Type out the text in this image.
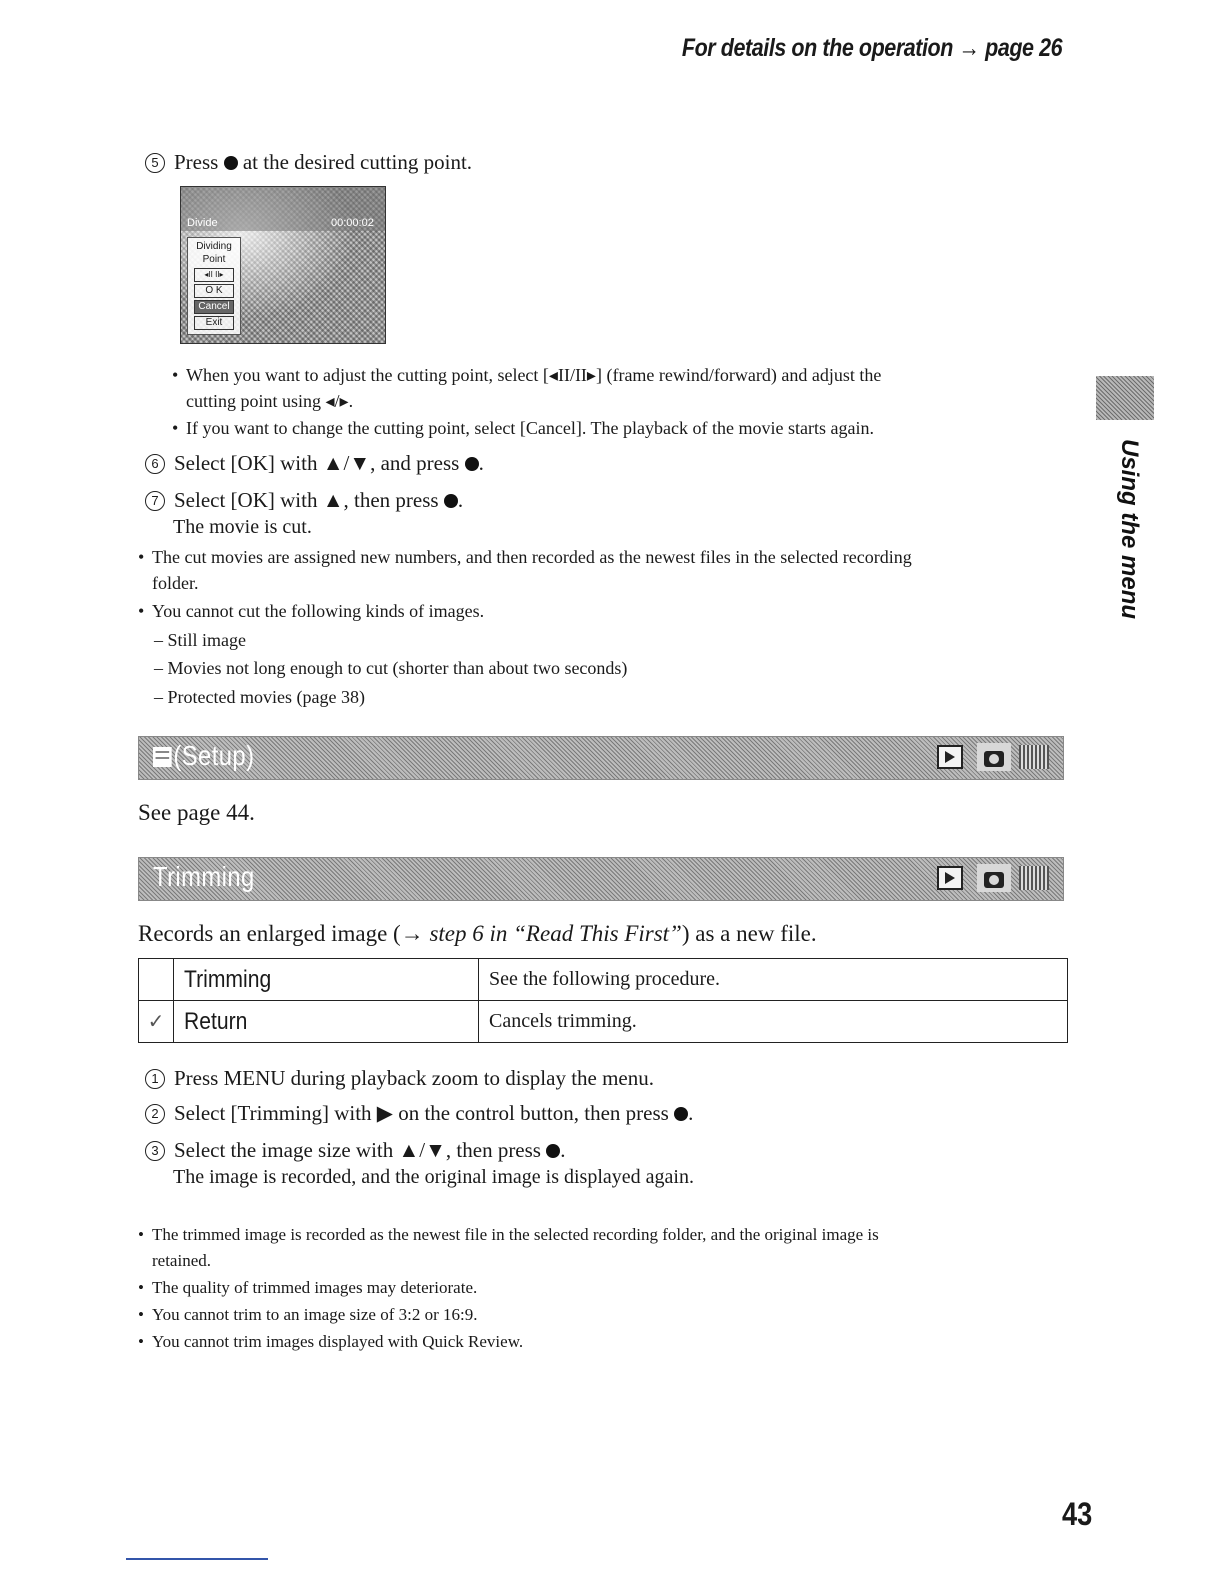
For details on the operation → page 26
5 Press at the desired cutting point.
Divide	00:00:02
Dividing Point
◂II II▸
O K
Cancel
Exit
• When you want to adjust the cutting point, select [◂II/II▸] (frame rewind/forward) and adjust the
cutting point using ◂/▸.
• If you want to change the cutting point, select [Cancel]. The playback of the movie starts again.
6 Select [OK] with ▲/▼, and press .
7 Select [OK] with ▲, then press .
The movie is cut.
• The cut movies are assigned new numbers, and then recorded as the newest files in the selected recording
folder.
• You cannot cut the following kinds of images.
– Still image
– Movies not long enough to cut (shorter than about two seconds)
– Protected movies (page 38)
(Setup)
See page 44.
Trimming
Records an enlarged image (→ step 6 in “Read This First”) as a new file.
	Trimming	See the following procedure.
✓	Return	Cancels trimming.
1 Press MENU during playback zoom to display the menu.
2 Select [Trimming] with ▶ on the control button, then press .
3 Select the image size with ▲/▼, then press .
The image is recorded, and the original image is displayed again.
• The trimmed image is recorded as the newest file in the selected recording folder, and the original image is
retained.
• The quality of trimmed images may deteriorate.
• You cannot trim to an image size of 3:2 or 16:9.
• You cannot trim images displayed with Quick Review.
Using the menu
43
